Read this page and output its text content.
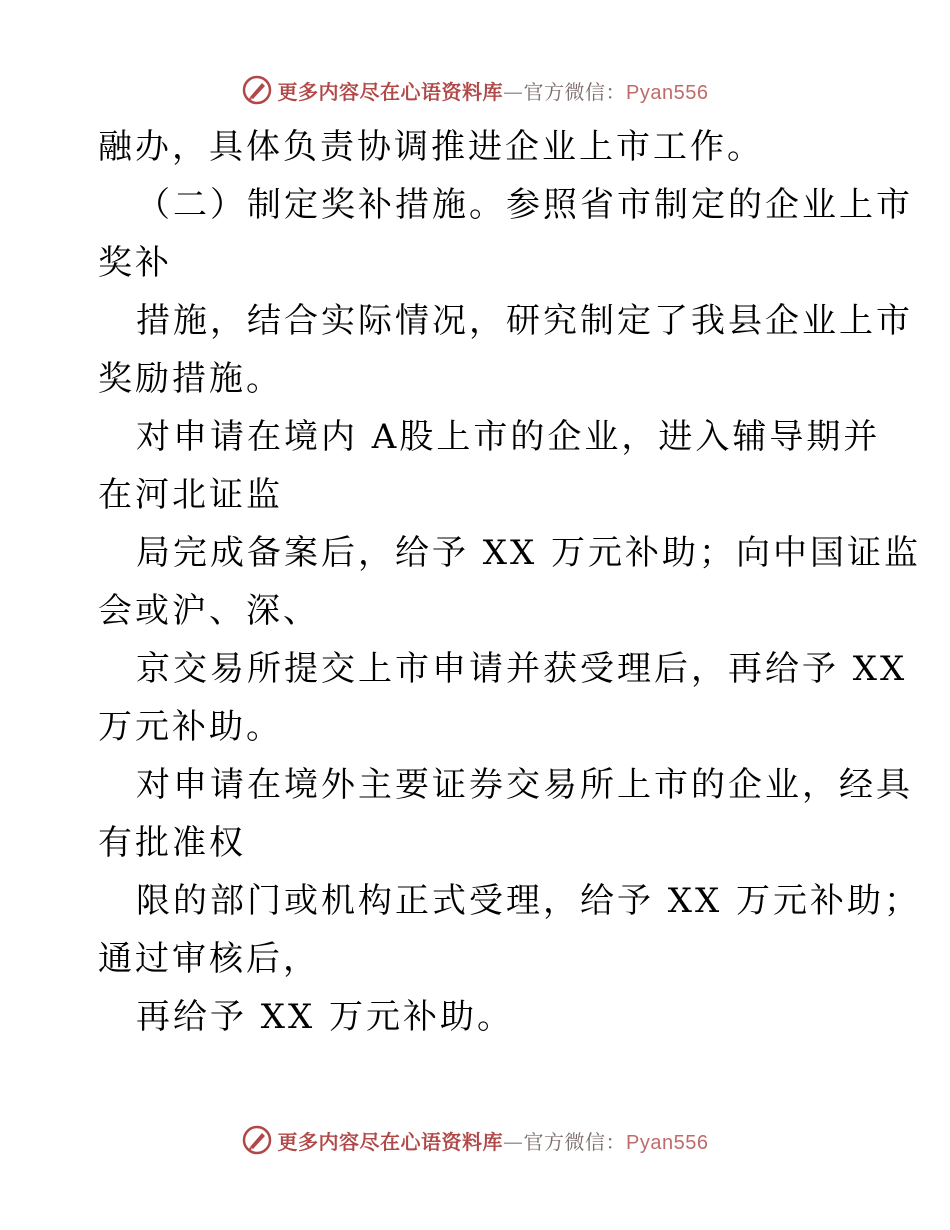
更多内容尽在心语资料库—官方微信：Pyan556
融办，具体负责协调推进企业上市工作。
（二）制定奖补措施。参照省市制定的企业上市
奖补
措施，结合实际情况，研究制定了我县企业上市
奖励措施。
对申请在境内 A股上市的企业，进入辅导期并
在河北证监
局完成备案后，给予 XX 万元补助；向中国证监
会或沪、深、
京交易所提交上市申请并获受理后，再给予 XX
万元补助。
对申请在境外主要证券交易所上市的企业，经具
有批准权
限的部门或机构正式受理，给予 XX 万元补助；
通过审核后，
再给予 XX 万元补助。
更多内容尽在心语资料库—官方微信：Pyan556
